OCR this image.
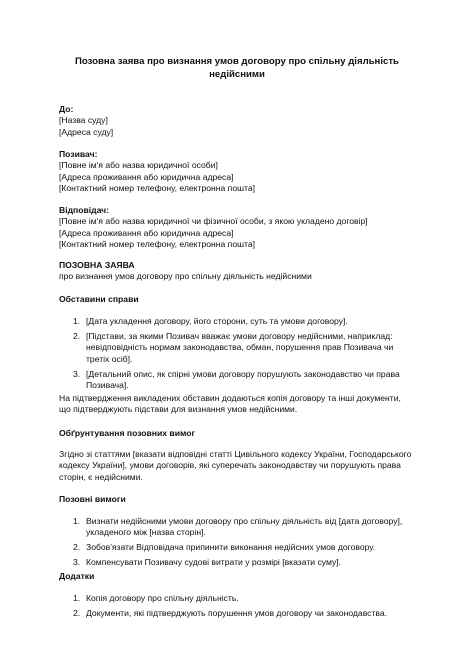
Позовна заява про визнання умов договору про спільну діяльність недійсними
До:
[Назва суду]
[Адреса суду]
Позивач:
[Повне ім'я або назва юридичної особи]
[Адреса проживання або юридична адреса]
[Контактний номер телефону, електронна пошта]
Відповідач:
[Повне ім'я або назва юридичної чи фізичної особи, з якою укладено договір]
[Адреса проживання або юридична адреса]
[Контактний номер телефону, електронна пошта]
ПОЗОВНА ЗАЯВА
про визнання умов договору про спільну діяльність недійсними
Обставини справи
1. [Дата укладення договору, його сторони, суть та умови договору].
2. [Підстави, за якими Позивач вважає умови договору недійсними, наприклад: невідповідність нормам законодавства, обман, порушення прав Позивача чи третіх осіб].
3. [Детальний опис, як спірні умови договору порушують законодавство чи права Позивача].
На підтвердження викладених обставин додаються копія договору та інші документи, що підтверджують підстави для визнання умов недійсними.
Обґрунтування позовних вимог
Згідно зі статтями [вказати відповідні статті Цивільного кодексу України, Господарського кодексу України], умови договорів, які суперечать законодавству чи порушують права сторін, є недійсними.
Позовні вимоги
1. Визнати недійсними умови договору про спільну діяльність від [дата договору], укладеного між [назва сторін].
2. Зобов'язати Відповідача припинити виконання недійсних умов договору.
3. Компенсувати Позивачу судові витрати у розмірі [вказати суму].
Додатки
1. Копія договору про спільну діяльність.
2. Документи, які підтверджують порушення умов договору чи законодавства.
